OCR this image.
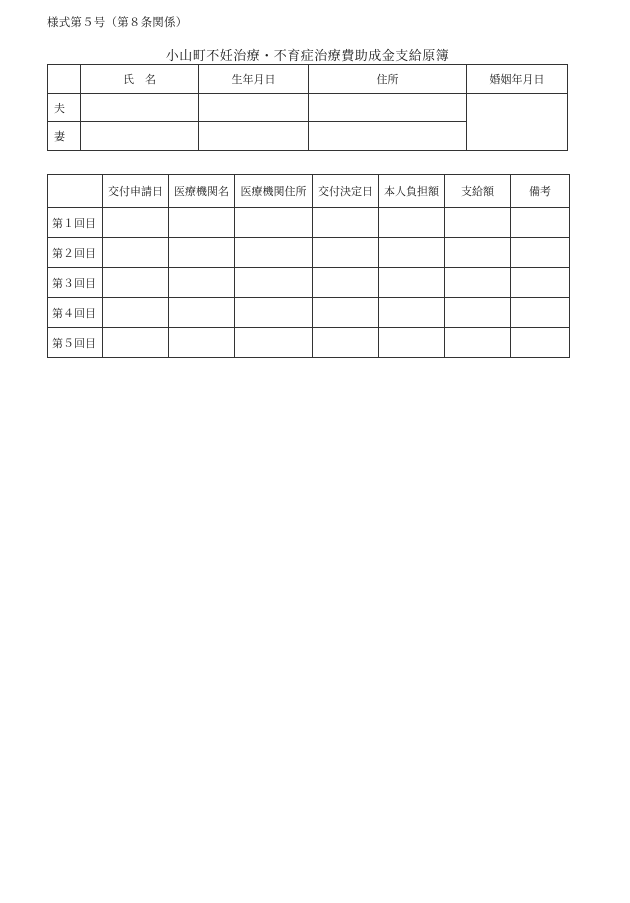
様式第５号（第８条関係）
小山町不妊治療・不育症治療費助成金支給原簿
	氏　名	生年月日	住所	婚姻年月日
夫				
妻				
	交付申請日	医療機関名	医療機関住所	交付決定日	本人負担額	支給額	備考
第１回目							
第２回目							
第３回目							
第４回目							
第５回目							
